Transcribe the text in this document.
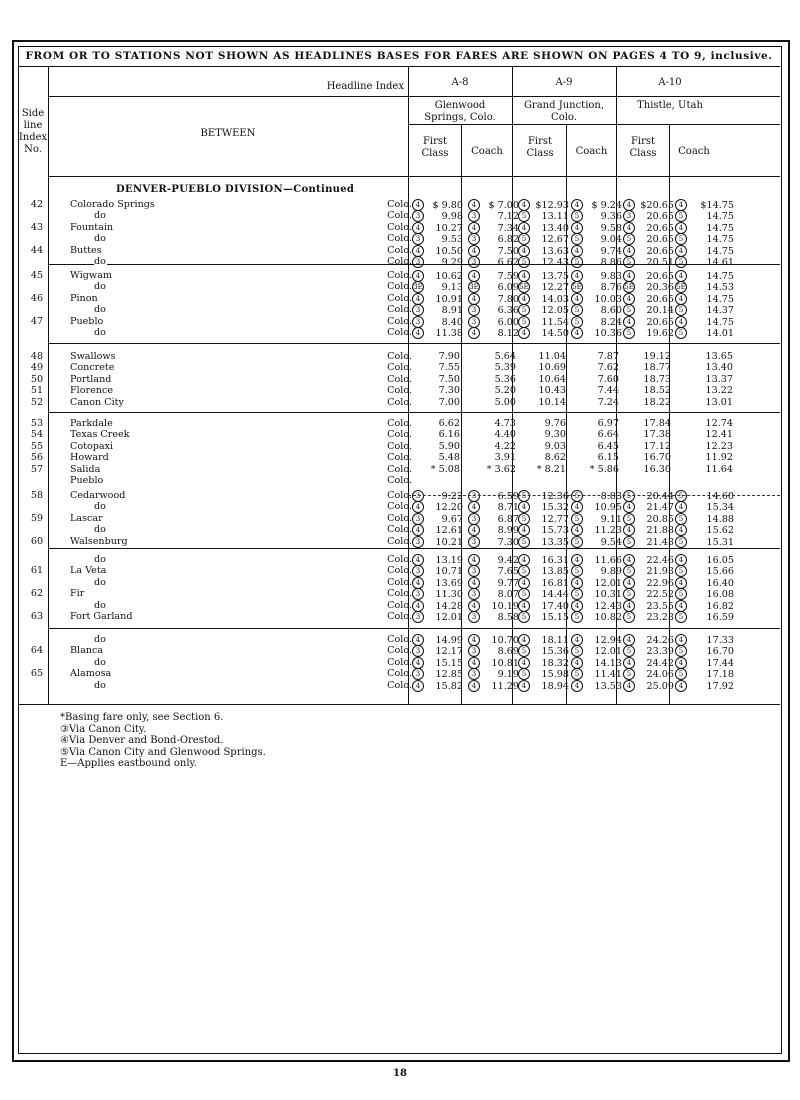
FROM OR TO STATIONS NOT SHOWN AS HEADLINES BASES FOR FARES ARE SHOWN ON PAGES 4 TO 9, inclusive.
Headline Index
Side
line
Index
No.
BETWEEN
A-8
Glenwood Springs, Colo.
A-9
Grand Junction, Colo.
A-10
Thistle, Utah
First Class	Coach
First Class	Coach
First Class	Coach
DENVER-PUEBLO DIVISION—Continued
42	Colorado Springs	Colo. 4 $ 9.80	4 $ 7.00 4 $12.93 4 $ 9.24 4 $20.65 4 $14.75
do	Colo. 3 9.98	3 7.12 5 13.11 5 9.36 3 20.65 5 14.75
43	Fountain	Colo. 4 10.27	4 7.34 4 13.40 4 9.58 4 20.65 4 14.75
do	Colo. 3 9.53	3 6.82 5 12.67 5 9.04 5 20.65 5 14.75
44	Buttes	Colo. 4 10.50	4 7.50 4 13.63 4 9.74 4 20.65 4 14.75
do	Colo. 3 9.29	3 6.62 5 12.43 5 8.86 5 20.51 5 14.61
45	Wigwam	Colo. 4 10.62	4 7.59 4 13.75 4 9.83 4 20.65 4 14.75
do	Colo. 3E 9.13 3E 6.09 5E 12.27 5E 8.76 5E 20.36 5E 14.53
46	Pinon	Colo. 4 10.91	4 7.80 4 14.03 4 10.03 4 20.65 4 14.75
do	Colo. 3 8.91	3 6.36 5 12.05 5 8.60 5 20.14 5 14.37
47	Pueblo	Colo. 3 8.40	3 6.00 5 11.54 5 8.24 4 20.65 4 14.75
do	Colo. 4 11.38	4 8.12 4 14.50 4 10.36 5 19.62 5 14.01
48	Swallows	Colo.	7.90	5.64	11.04	7.87	19.12	13.65
49	Concrete	Colo.	7.55	5.39	10.69	7.62	18.77	13.40
50	Portland	Colo.	7.50	5.36	10.64	7.60	18.73	13.37
51	Florence	Colo.	7.30	5.20	10.43	7.44	18.52	13.22
52	Canon City	Colo.	7.00	5.00	10.14	7.24	18.22	13.01
53	Parkdale	Colo.	6.62	4.73	9.76	6.97	17.84	12.74
54	Texas Creek	Colo.	6.16	4.40	9.30	6.64	17.38	12.41
55	Cotopaxi	Colo.	5.90	4.22	9.03	6.45	17.12	12.23
56	Howard	Colo.	5.48	3.91	8.62	6.15	16.70	11.92
57	Salida	Colo.	* 5.08	* 3.62	* 8.21	* 5.86	16.30	11.64
Pueblo	Colo.
58	Cedarwood	Colo. 3 9.22	3 6.59 5 12.36 5 8.83 5 20.44 5 14.60
do	Colo. 4 12.20	4 8.71 4 15.32 4 10.95 4 21.47 4 15.34
59	Lascar	Colo. 3 9.67	3 6.87 5 12.77 5 9.11 5 20.85 5 14.88
do	Colo. 4 12.61	4 8.99 4 15.73 4 11.23 4 21.88 4 15.62
60	Walsenburg	Colo. 3 10.21	3 7.30 5 13.35 5 9.54 5 21.43 5 15.31
do	Colo. 4 13.19	4 9.42 4 16.31 4 11.66 4 22.46 4 16.05
61	La Veta	Colo. 3 10.71	3 7.65 5 13.85 5 9.89 5 21.93 5 15.66
do	Colo. 4 13.69	4 9.77 4 16.81 4 12.01 4 22.96 4 16.40
62	Fir	Colo. 3 11.30	3 8.07 5 14.44 5 10.31 5 22.52 5 16.08
do	Colo. 4 14.28	4 10.19 4 17.40 4 12.43 4 23.55 4 16.82
63	Fort Garland	Colo. 3 12.01	3 8.58 5 15.15 5 10.82 5 23.23 5 16.59
do	Colo. 4 14.99	4 10.70 4 18.11 4 12.94 4 24.26 4 17.33
64	Blanca	Colo. 3 12.17	3 8.69 5 15.36 5 12.01 5 23.39 5 16.70
do	Colo. 4 15.15	4 10.81 4 18.32 4 14.13 4 24.42 4 17.44
65	Alamosa	Colo. 3 12.85	3 9.19 5 15.98 5 11.41 5 24.06 5 17.18
do	Colo. 4 15.82	4 11.29 4 18.94 4 13.53 4 25.09 4 17.92
*Basing fare only, see Section 6.
③Via Canon City.
④Via Denver and Bond-Orestod.
⑤Via Canon City and Glenwood Springs.
E—Applies eastbound only.
18
